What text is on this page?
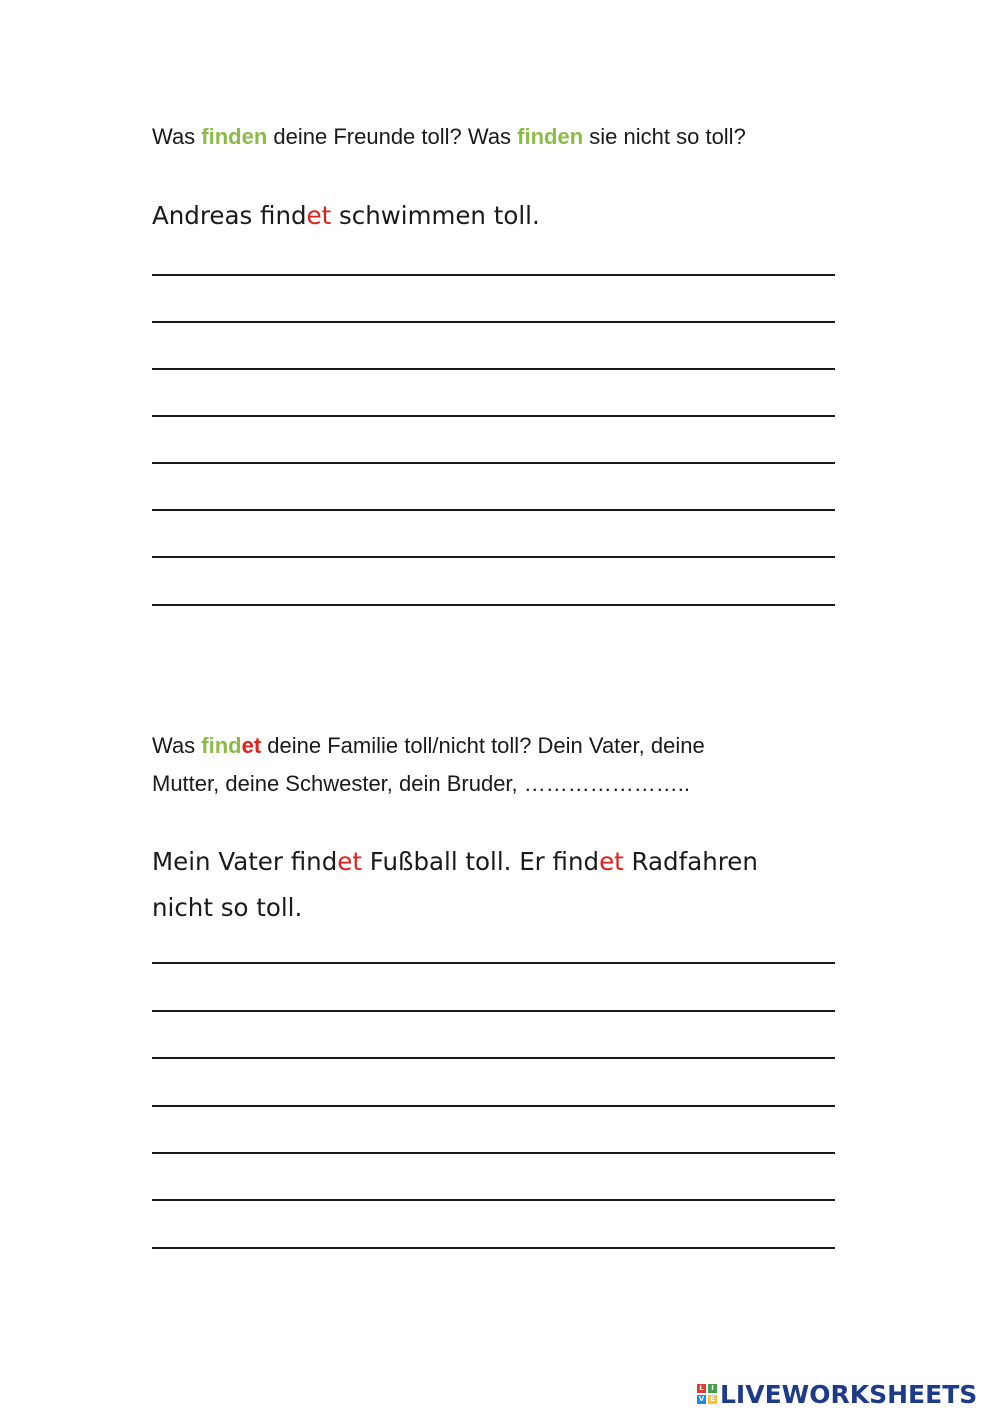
Was finden deine Freunde toll? Was finden sie nicht so toll?
Andreas findet schwimmen toll.
Was findet deine Familie toll/nicht toll? Dein Vater, deine
Mutter, deine Schwester, dein Bruder, …………………..
Mein Vater findet Fußball toll. Er findet Radfahren
nicht so toll.
L	I
V E LIVEWORKSHEETS
